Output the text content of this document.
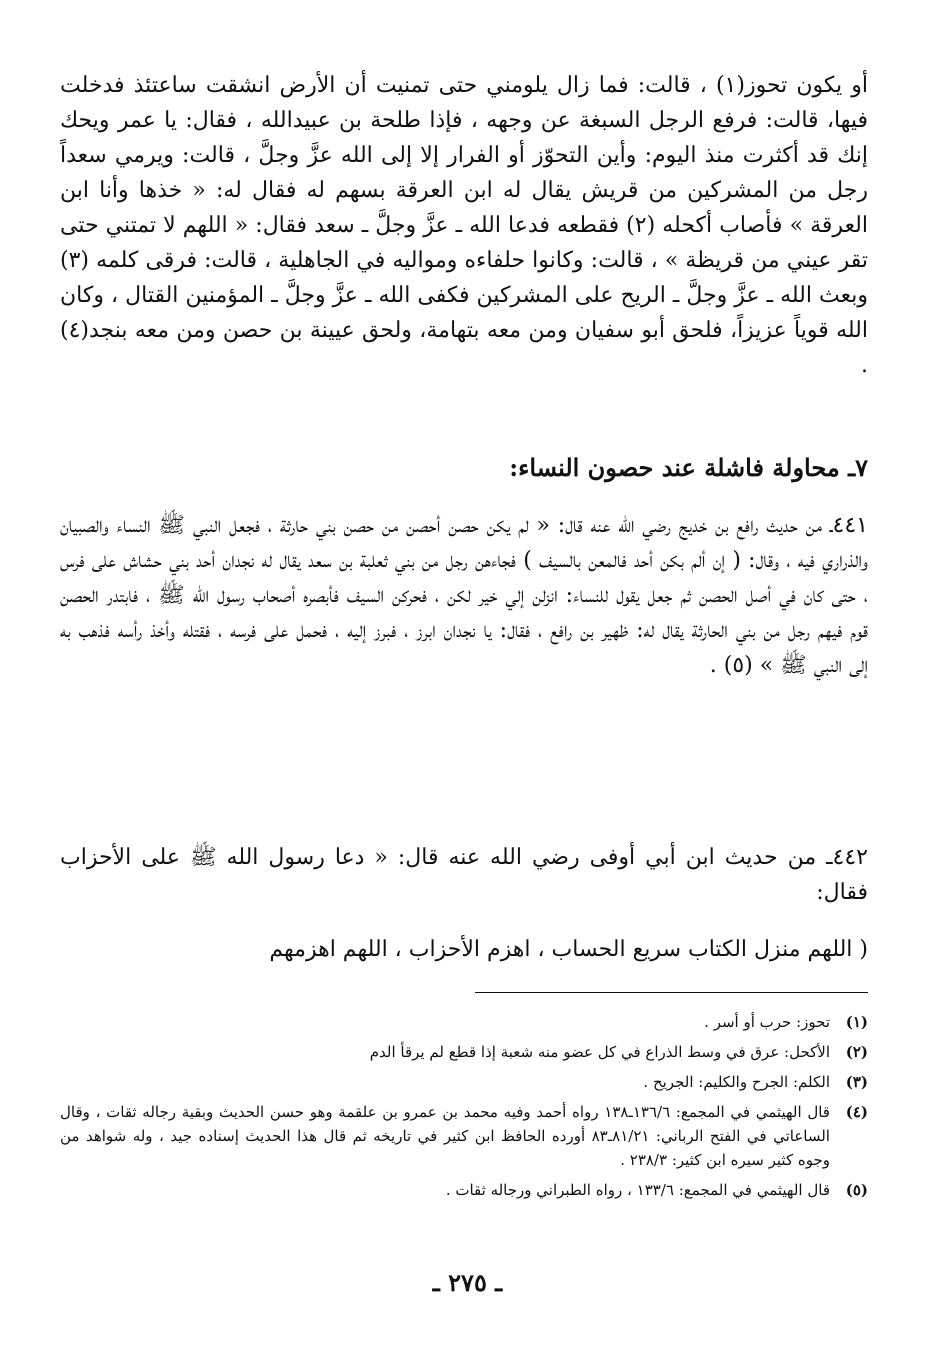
أو يكون تحوز(١) ، قالت: فما زال يلومني حتى تمنيت أن الأرض انشقت ساعتئذ فدخلت فيها، قالت: فرفع الرجل السبغة عن وجهه ، فإذا طلحة بن عبيدالله ، فقال: يا عمر ويحك إنك قد أكثرت منذ اليوم: وأين التحوّز أو الفرار إلا إلى الله عزَّ وجلَّ ، قالت: ويرمي سعداً رجل من المشركين من قريش يقال له ابن العرقة بسهم له فقال له: « خذها وأنا ابن العرقة » فأصاب أكحله (٢) فقطعه فدعا الله ـ عزَّ وجلَّ ـ سعد فقال: « اللهم لا تمتني حتى تقر عيني من قريظة » ، قالت: وكانوا حلفاءه ومواليه في الجاهلية ، قالت: فرقى كلمه (٣) وبعث الله ـ عزَّ وجلَّ ـ الريح على المشركين فكفى الله ـ عزَّ وجلَّ ـ المؤمنين القتال ، وكان الله قوياً عزيزاً، فلحق أبو سفيان ومن معه بتهامة، ولحق عيينة بن حصن ومن معه بنجد(٤) .

٧ـ محاولة فاشلة عند حصون النساء:

٤٤١ـ من حديث رافع بن خديج رضي الله عنه قال: « لم يكن حصن أحصن من حصن بني حارثة ، فجعل النبي ﷺ النساء والصبيان والذراري فيه ، وقال: ( إن ألم بكن أحد فالمعن بالسيف ) فجاءهن رجل من بني ثعلبة بن سعد يقال له نجدان أحد بني حشاش على فرس ، حتى كان في أصل الحصن ثم جعل يقول للنساء: انزلن إلي خير لكن ، فحركن السيف فأبصره أصحاب رسول الله ﷺ ، فابتدر الحصن قوم فيهم رجل من بني الحارثة يقال له: ظهير بن رافع ، فقال: يا نجدان ابرز ، فبرز إليه ، فحمل على فرسه ، فقتله وأخذ رأسه فذهب به إلى النبي ﷺ » (٥) .

٤٤٢ـ من حديث ابن أبي أوفى رضي الله عنه قال: « دعا رسول الله ﷺ على الأحزاب فقال:

( اللهم منزل الكتاب سريع الحساب ، اهزم الأحزاب ، اللهم اهزمهم

(١)
تحوز: حرب أو أسر .
(٢)
الأكحل: عرق في وسط الذراع في كل عضو منه شعبة إذا قطع لم يرقأ الدم
(٣)
الكلم: الجرح والكليم: الجريح .
(٤)
قال الهيثمي في المجمع: ١٣٦/٦ـ١٣٨ رواه أحمد وفيه محمد بن عمرو بن علقمة وهو حسن الحديث وبقية رجاله ثقات ، وقال الساعاتي في الفتح الرباني: ٨١/٢١ـ٨٣ أورده الحافظ ابن كثير في تاريخه ثم قال هذا الحديث إسناده جيد ، وله شواهد من وجوه كثير سيره ابن كثير: ٢٣٨/٣ .
(٥)
قال الهيثمي في المجمع: ١٣٣/٦ ، رواه الطبراني ورجاله ثقات .
ـ ٢٧٥ ـ
